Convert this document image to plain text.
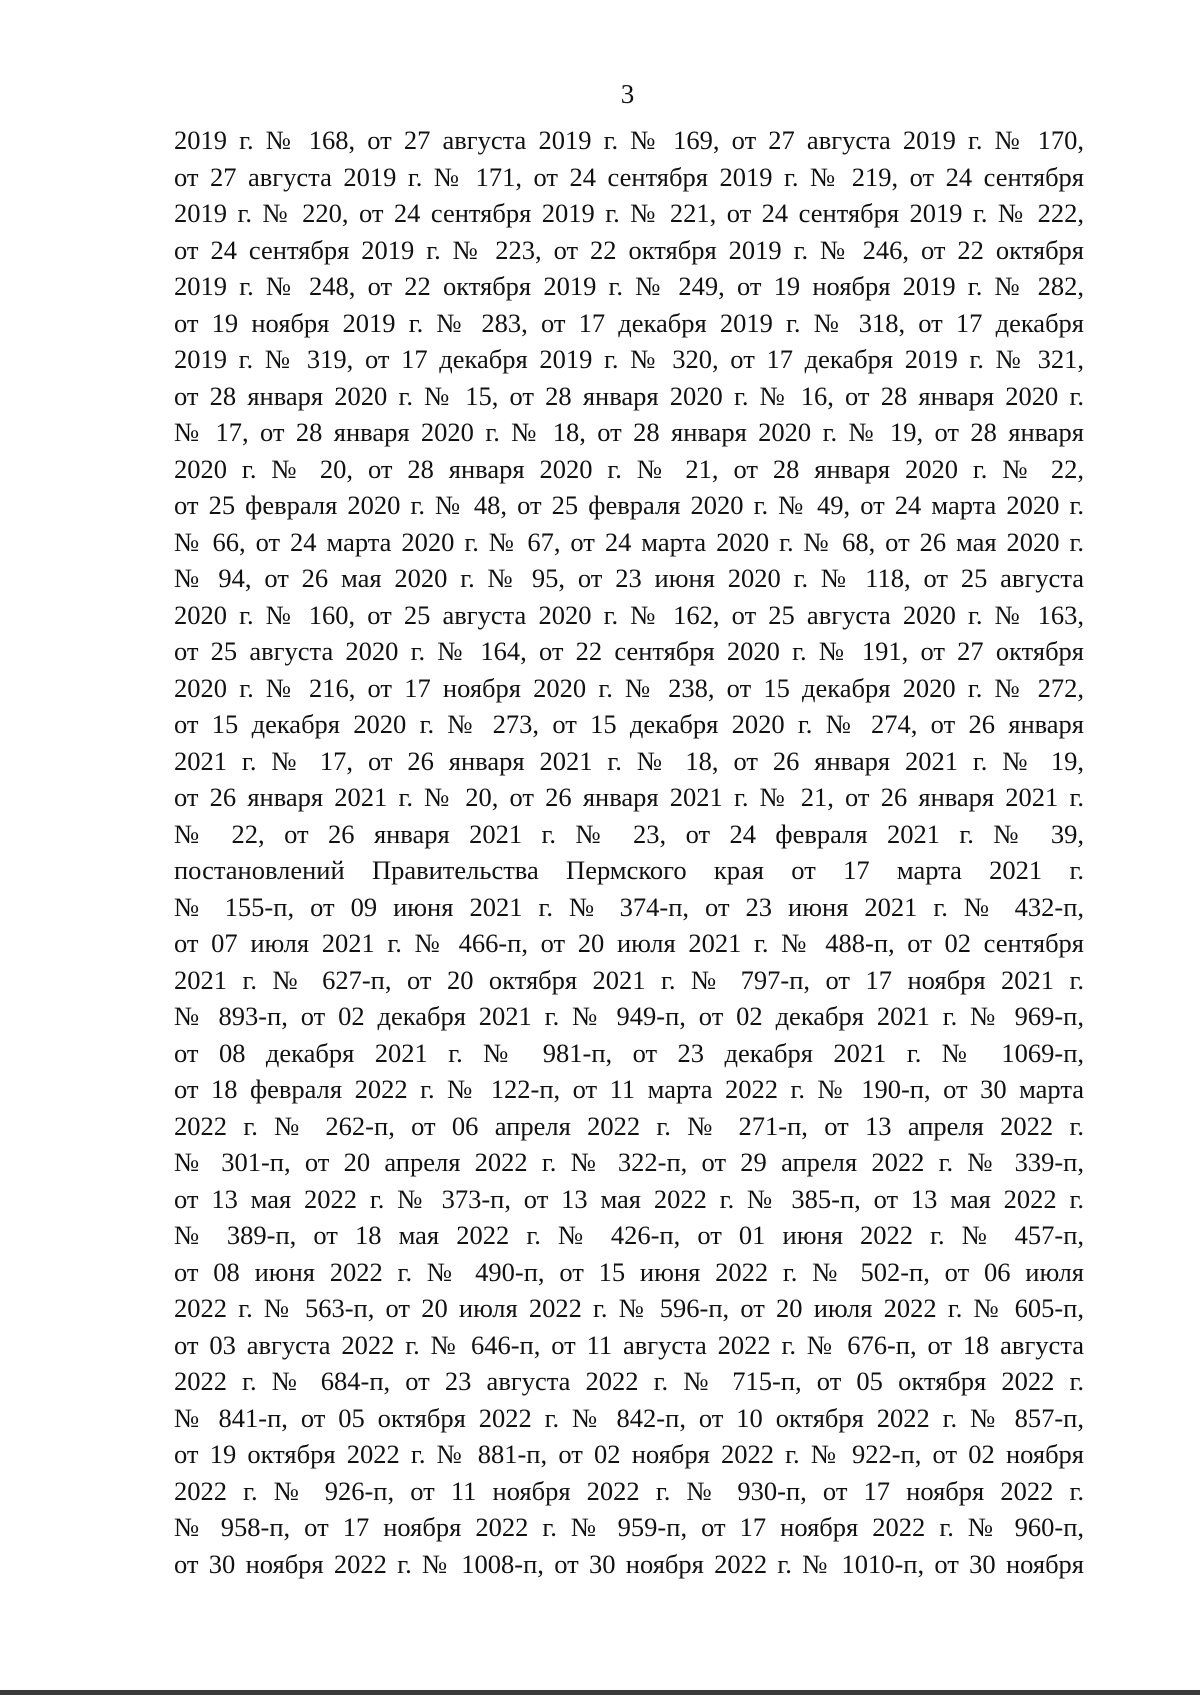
3
2019 г. № 168, от 27 августа 2019 г. № 169, от 27 августа 2019 г. № 170,
от 27 августа 2019 г. № 171, от 24 сентября 2019 г. № 219, от 24 сентября
2019 г. № 220, от 24 сентября 2019 г. № 221, от 24 сентября 2019 г. № 222,
от 24 сентября 2019 г. № 223, от 22 октября 2019 г. № 246, от 22 октября
2019 г. № 248, от 22 октября 2019 г. № 249, от 19 ноября 2019 г. № 282,
от 19 ноября 2019 г. № 283, от 17 декабря 2019 г. № 318, от 17 декабря
2019 г. № 319, от 17 декабря 2019 г. № 320, от 17 декабря 2019 г. № 321,
от 28 января 2020 г. № 15, от 28 января 2020 г. № 16, от 28 января 2020 г.
№ 17, от 28 января 2020 г. № 18, от 28 января 2020 г. № 19, от 28 января
2020 г. № 20, от 28 января 2020 г. № 21, от 28 января 2020 г. № 22,
от 25 февраля 2020 г. № 48, от 25 февраля 2020 г. № 49, от 24 марта 2020 г.
№ 66, от 24 марта 2020 г. № 67, от 24 марта 2020 г. № 68, от 26 мая 2020 г.
№ 94, от 26 мая 2020 г. № 95, от 23 июня 2020 г. № 118, от 25 августа
2020 г. № 160, от 25 августа 2020 г. № 162, от 25 августа 2020 г. № 163,
от 25 августа 2020 г. № 164, от 22 сентября 2020 г. № 191, от 27 октября
2020 г. № 216, от 17 ноября 2020 г. № 238, от 15 декабря 2020 г. № 272,
от 15 декабря 2020 г. № 273, от 15 декабря 2020 г. № 274, от 26 января
2021 г. № 17, от 26 января 2021 г. № 18, от 26 января 2021 г. № 19,
от 26 января 2021 г. № 20, от 26 января 2021 г. № 21, от 26 января 2021 г.
№ 22, от 26 января 2021 г. № 23, от 24 февраля 2021 г. № 39,
постановлений Правительства Пермского края от 17 марта 2021 г.
№ 155-п, от 09 июня 2021 г. № 374-п, от 23 июня 2021 г. № 432-п,
от 07 июля 2021 г. № 466-п, от 20 июля 2021 г. № 488-п, от 02 сентября
2021 г. № 627-п, от 20 октября 2021 г. № 797-п, от 17 ноября 2021 г.
№ 893-п, от 02 декабря 2021 г. № 949-п, от 02 декабря 2021 г. № 969-п,
от 08 декабря 2021 г. № 981-п, от 23 декабря 2021 г. № 1069-п,
от 18 февраля 2022 г. № 122-п, от 11 марта 2022 г. № 190-п, от 30 марта
2022 г. № 262-п, от 06 апреля 2022 г. № 271-п, от 13 апреля 2022 г.
№ 301-п, от 20 апреля 2022 г. № 322-п, от 29 апреля 2022 г. № 339-п,
от 13 мая 2022 г. № 373-п, от 13 мая 2022 г. № 385-п, от 13 мая 2022 г.
№ 389-п, от 18 мая 2022 г. № 426-п, от 01 июня 2022 г. № 457-п,
от 08 июня 2022 г. № 490-п, от 15 июня 2022 г. № 502-п, от 06 июля
2022 г. № 563-п, от 20 июля 2022 г. № 596-п, от 20 июля 2022 г. № 605-п,
от 03 августа 2022 г. № 646-п, от 11 августа 2022 г. № 676-п, от 18 августа
2022 г. № 684-п, от 23 августа 2022 г. № 715-п, от 05 октября 2022 г.
№ 841-п, от 05 октября 2022 г. № 842-п, от 10 октября 2022 г. № 857-п,
от 19 октября 2022 г. № 881-п, от 02 ноября 2022 г. № 922-п, от 02 ноября
2022 г. № 926-п, от 11 ноября 2022 г. № 930-п, от 17 ноября 2022 г.
№ 958-п, от 17 ноября 2022 г. № 959-п, от 17 ноября 2022 г. № 960-п,
от 30 ноября 2022 г. № 1008-п, от 30 ноября 2022 г. № 1010-п, от 30 ноября
